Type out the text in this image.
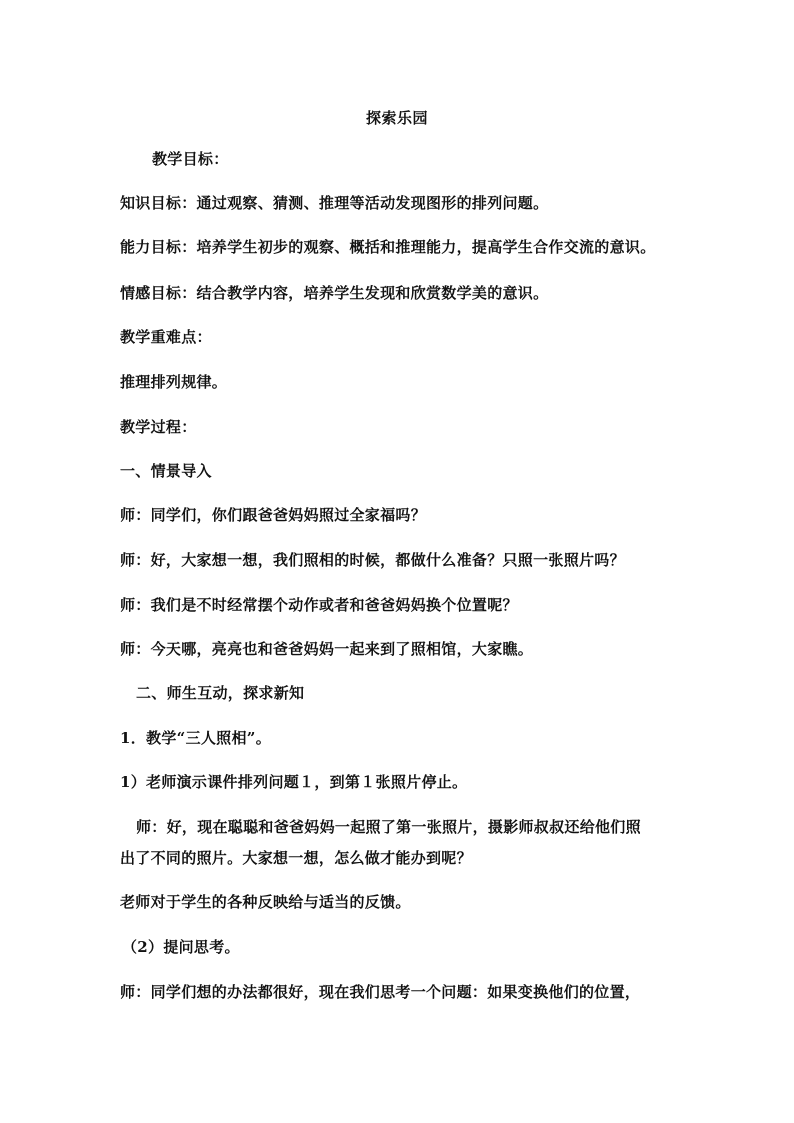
探索乐园
教学目标：
知识目标：通过观察、猜测、推理等活动发现图形的排列问题。
能力目标：培养学生初步的观察、概括和推理能力，提高学生合作交流的意识。
情感目标：结合教学内容，培养学生发现和欣赏数学美的意识。
教学重难点：
推理排列规律。
教学过程：
一、情景导入
师：同学们，你们跟爸爸妈妈照过全家福吗？
师：好，大家想一想，我们照相的时候，都做什么准备？只照一张照片吗？
师：我们是不时经常摆个动作或者和爸爸妈妈换个位置呢？
师：今天哪，亮亮也和爸爸妈妈一起来到了照相馆，大家瞧。
二、师生互动，探求新知
1．教学“三人照相”。
1）老师演示课件排列问题１，到第１张照片停止。
师：好，现在聪聪和爸爸妈妈一起照了第一张照片，摄影师叔叔还给他们照
出了不同的照片。大家想一想，怎么做才能办到呢？
老师对于学生的各种反映给与适当的反馈。
（2）提问思考。
师：同学们想的办法都很好，现在我们思考一个问题：如果变换他们的位置，
